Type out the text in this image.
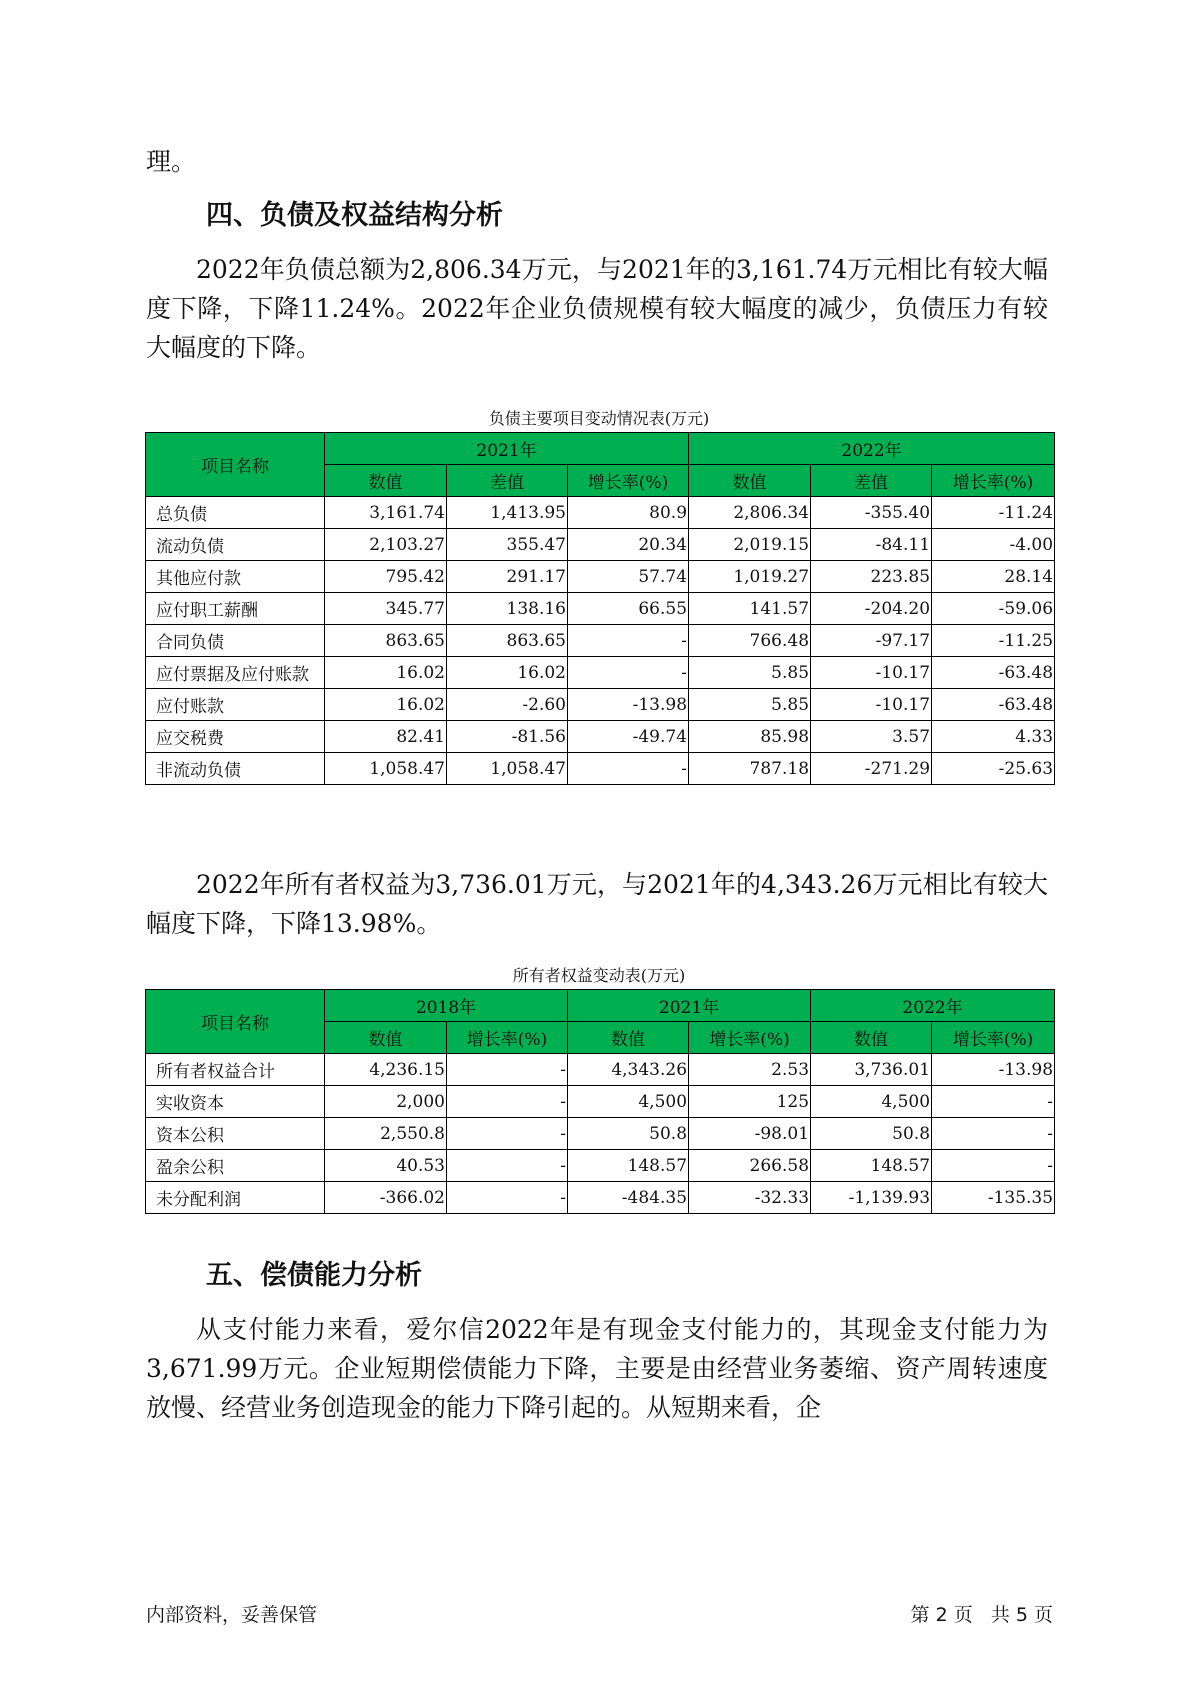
理。

四、负债及权益结构分析

2022年负债总额为2,806.34万元，与2021年的3,161.74万元相比有较大幅度下降，下降11.24%。2022年企业负债规模有较大幅度的减少，负债压力有较大幅度的下降。

负债主要项目变动情况表(万元)
项目名称	2021年			2022年		
	数值	差值	增长率(%)	数值	差值	增长率(%)
总负债	3,161.74	1,413.95	80.9	2,806.34	-355.40	-11.24
流动负债	2,103.27	355.47	20.34	2,019.15	-84.11	-4.00
其他应付款	795.42	291.17	57.74	1,019.27	223.85	28.14
应付职工薪酬	345.77	138.16	66.55	141.57	-204.20	-59.06
合同负债	863.65	863.65	-	766.48	-97.17	-11.25
应付票据及应付账款	16.02	16.02	-	5.85	-10.17	-63.48
应付账款	16.02	-2.60	-13.98	5.85	-10.17	-63.48
应交税费	82.41	-81.56	-49.74	85.98	3.57	4.33
非流动负债	1,058.47	1,058.47	-	787.18	-271.29	-25.63

2022年所有者权益为3,736.01万元，与2021年的4,343.26万元相比有较大幅度下降，下降13.98%。

所有者权益变动表(万元)
项目名称	2018年		2021年		2022年	
	数值	增长率(%)	数值	增长率(%)	数值	增长率(%)
所有者权益合计	4,236.15	-	4,343.26	2.53	3,736.01	-13.98
实收资本	2,000	-	4,500	125	4,500	-
资本公积	2,550.8	-	50.8	-98.01	50.8	-
盈余公积	40.53	-	148.57	266.58	148.57	-
未分配利润	-366.02	-	-484.35	-32.33	-1,139.93	-135.35
五、偿债能力分析

从支付能力来看，爱尔信2022年是有现金支付能力的，其现金支付能力为3,671.99万元。企业短期偿债能力下降，主要是由经营业务萎缩、资产周转速度放慢、经营业务创造现金的能力下降引起的。从短期来看，企

内部资料，妥善保管	第 2 页   共 5 页
